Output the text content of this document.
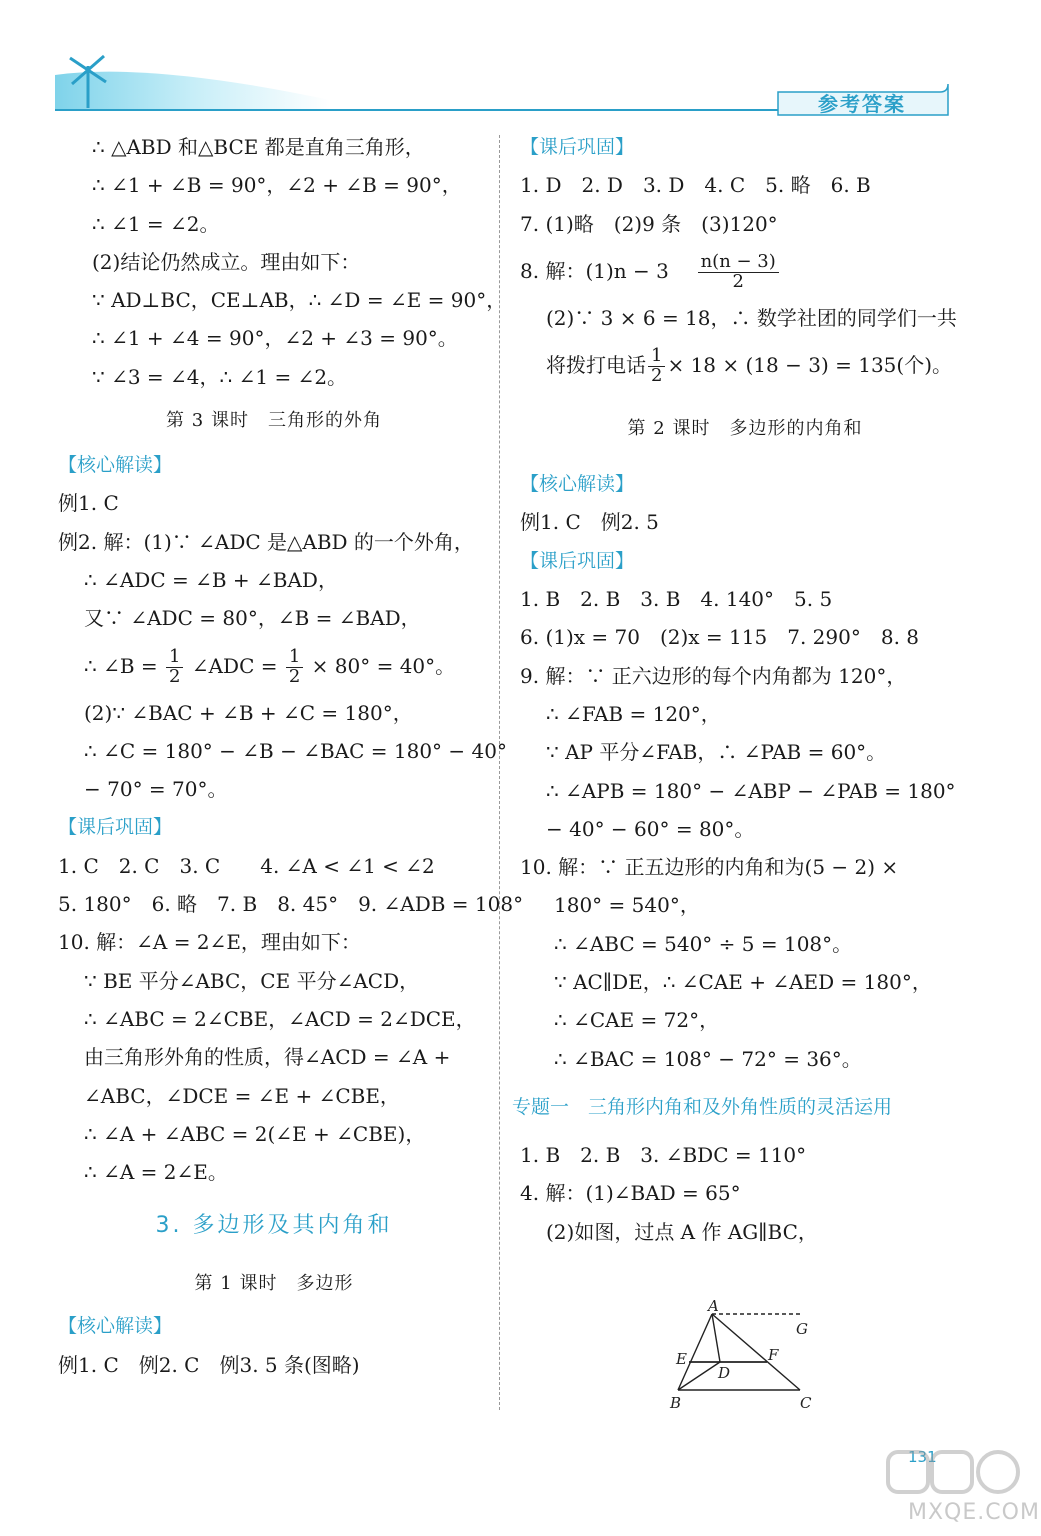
参考答案
∴ △ABD 和△BCE 都是直角三角形，
∴ ∠1 + ∠B = 90°，∠2 + ∠B = 90°，
∴ ∠1 = ∠2。
(2)结论仍然成立。理由如下：
∵ AD⊥BC，CE⊥AB，∴ ∠D = ∠E = 90°，
∴ ∠1 + ∠4 = 90°，∠2 + ∠3 = 90°。
∵ ∠3 = ∠4，∴ ∠1 = ∠2。
第 3 课时　三角形的外角
【核心解读】
例1. C
例2. 解：(1)∵ ∠ADC 是△ABD 的一个外角，
∴ ∠ADC = ∠B + ∠BAD，
又∵ ∠ADC = 80°，∠B = ∠BAD，
∴ ∠B = $\frac{1}{2}$ ∠ADC = $\frac{1}{2} \times 80^\circ = 40^\circ$。
(2)∵ ∠BAC + ∠B + ∠C = 180°，
∴ ∠C = 180° − ∠B − ∠BAC = 180° − 40°
− 70° = 70°。
【课后巩固】
1. C　2. C　3. C　　4. ∠A < ∠1 < ∠2
5. 180°　6. 略　7. B　8. 45°　9. ∠ADB = 108°
10. 解：∠A = 2∠E，理由如下：
∵ BE 平分∠ABC，CE 平分∠ACD，
∴ ∠ABC = 2∠CBE，∠ACD = 2∠DCE，
由三角形外角的性质，得∠ACD = ∠A +
∠ABC，∠DCE = ∠E + ∠CBE，
∴ ∠A + ∠ABC = 2(∠E + ∠CBE)，
∴ ∠A = 2∠E。
3. 多边形及其内角和
第 1 课时　多边形
【核心解读】
例1. C　例2. C　例3. 5 条(图略)
【课后巩固】
1. D　2. D　3. D　4. C　5. 略　6. B
7. (1)略　(2)9 条　(3)120°
8. 解：$(1)n - 3 \frac{n(n - 3)}{2}$
(2)∵ 3 × 6 = 18，∴ 数学社团的同学们一共
将拨打电话 $\frac{1}{2} \times 18 \times (18 - 3) = 135$(个)。
第 2 课时　多边形的内角和
【核心解读】
例1. C　例2. 5
【课后巩固】
1. B　2. B　3. B　4. 140°　5. 5
6. (1)x = 70　(2)x = 115　7. 290°　8. 8
9. 解：∵ 正六边形的每个内角都为 120°，
∴ ∠FAB = 120°，
∵ AP 平分∠FAB，∴ ∠PAB = 60°。
∴ ∠APB = 180° − ∠ABP − ∠PAB = 180°
− 40° − 60° = 80°。
10. 解：∵ 正五边形的内角和为(5 − 2) ×
180° = 540°，
∴ ∠ABC = 540° ÷ 5 = 108°。
∵ AC∥DE，∴ ∠CAE + ∠AED = 180°，
∴ ∠CAE = 72°，
∴ ∠BAC = 108° − 72° = 36°。
专题一　三角形内角和及外角性质的灵活运用
1. B　2. B　3. ∠BDC = 110°
4. 解：(1)∠BAD = 65°
(2)如图，过点 A 作 AG∥BC，
A
G
E
D
F
B	C
131
MXQE.COM
